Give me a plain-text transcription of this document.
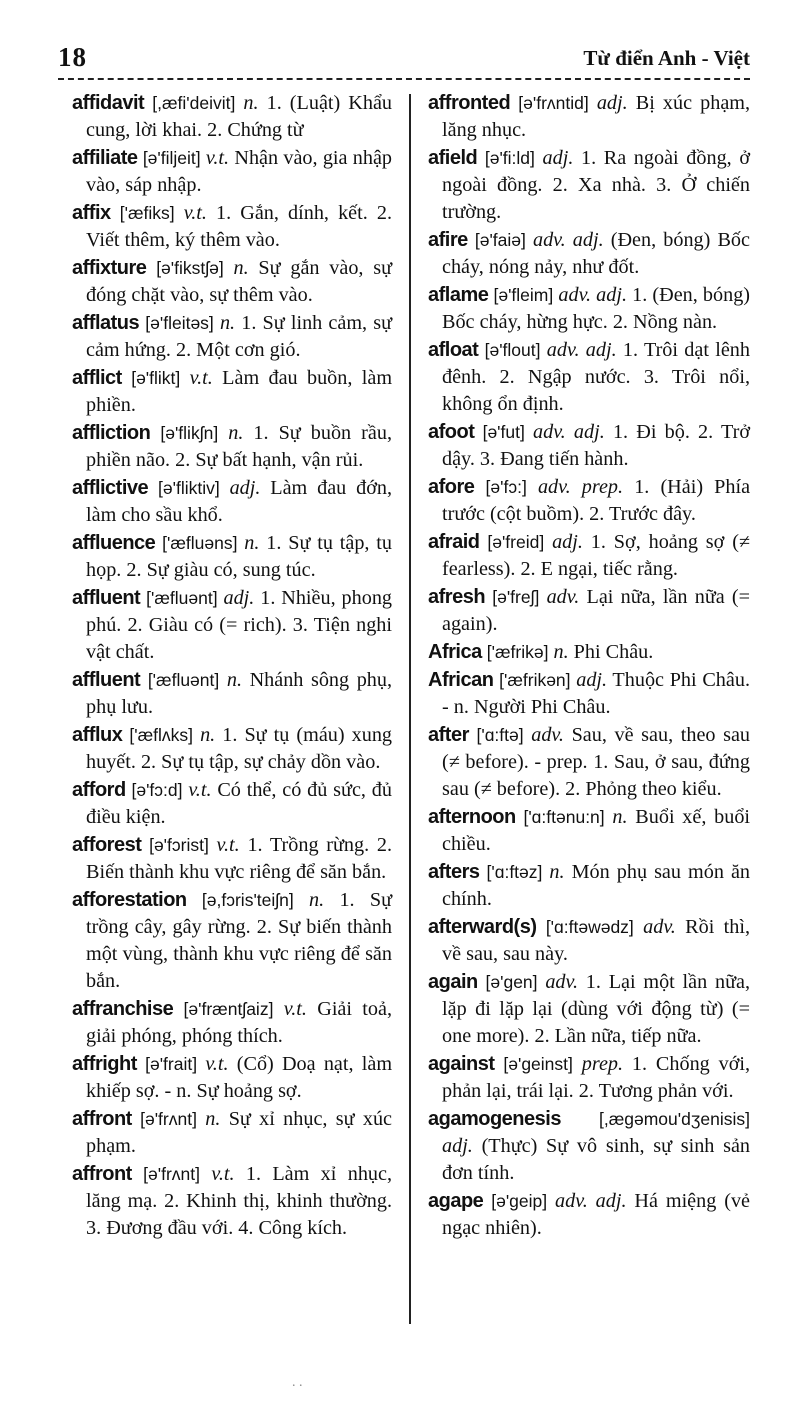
18	Từ điển Anh - Việt

affidavit [,æfi'deivit] n. 1. (Luật) Khẩu cung, lời khai. 2. Chứng từ

affiliate [ə'filjeit] v.t. Nhận vào, gia nhập vào, sáp nhập.

affix ['æfiks] v.t. 1. Gắn, dính, kết. 2. Viết thêm, ký thêm vào.

affixture [ə'fikstʃə] n. Sự gắn vào, sự đóng chặt vào, sự thêm vào.

afflatus [ə'fleitəs] n. 1. Sự linh cảm, sự cảm hứng. 2. Một cơn gió.

afflict [ə'flikt] v.t. Làm đau buồn, làm phiền.

affliction [ə'flikʃn] n. 1. Sự buồn rầu, phiền não. 2. Sự bất hạnh, vận rủi.

afflictive [ə'fliktiv] adj. Làm đau đớn, làm cho sầu khổ.

affluence ['æfluəns] n. 1. Sự tụ tập, tụ họp. 2. Sự giàu có, sung túc.

affluent ['æfluənt] adj. 1. Nhiều, phong phú. 2. Giàu có (= rich). 3. Tiện nghi vật chất.

affluent ['æfluənt] n. Nhánh sông phụ, phụ lưu.

afflux ['æflʌks] n. 1. Sự tụ (máu) xung huyết. 2. Sự tụ tập, sự chảy dồn vào.

afford [ə'fɔ:d] v.t. Có thể, có đủ sức, đủ điều kiện.

afforest [ə'fɔrist] v.t. 1. Trồng rừng. 2. Biến thành khu vực riêng để săn bắn.

afforestation [ə,fɔris'teiʃn] n. 1. Sự trồng cây, gây rừng. 2. Sự biến thành một vùng, thành khu vực riêng để săn bắn.

affranchise [ə'fræntʃaiz] v.t. Giải toả, giải phóng, phóng thích.

affright [ə'frait] v.t. (Cổ) Doạ nạt, làm khiếp sợ. - n. Sự hoảng sợ.

affront [ə'frʌnt] n. Sự xỉ nhục, sự xúc phạm.

affront [ə'frʌnt] v.t. 1. Làm xỉ nhục, lăng mạ. 2. Khinh thị, khinh thường. 3. Đương đầu với. 4. Công kích.

affronted [ə'frʌntid] adj. Bị xúc phạm, lăng nhục.

afield [ə'fi:ld] adj. 1. Ra ngoài đồng, ở ngoài đồng. 2. Xa nhà. 3. Ở chiến trường.

afire [ə'faiə] adv. adj. (Đen, bóng) Bốc cháy, nóng nảy, như đốt.

aflame [ə'fleim] adv. adj. 1. (Đen, bóng) Bốc cháy, hừng hực. 2. Nồng nàn.

afloat [ə'flout] adv. adj. 1. Trôi dạt lênh đênh. 2. Ngập nước. 3. Trôi nổi, không ổn định.

afoot [ə'fut] adv. adj. 1. Đi bộ. 2. Trở dậy. 3. Đang tiến hành.

afore [ə'fɔ:] adv. prep. 1. (Hải) Phía trước (cột buồm). 2. Trước đây.

afraid [ə'freid] adj. 1. Sợ, hoảng sợ (≠ fearless). 2. E ngại, tiếc rằng.

afresh [ə'freʃ] adv. Lại nữa, lần nữa (= again).

Africa ['æfrikə] n. Phi Châu.

African ['æfrikən] adj. Thuộc Phi Châu. - n. Người Phi Châu.

after ['ɑ:ftə] adv. Sau, về sau, theo sau (≠ before). - prep. 1. Sau, ở sau, đứng sau (≠ before). 2. Phỏng theo kiểu.

afternoon ['ɑ:ftənu:n] n. Buổi xế, buổi chiều.

afters ['ɑ:ftəz] n. Món phụ sau món ăn chính.

afterward(s) ['ɑ:ftəwədz] adv. Rồi thì, về sau, sau này.

again [ə'gen] adv. 1. Lại một lần nữa, lặp đi lặp lại (dùng với động từ) (= one more). 2. Lần nữa, tiếp nữa.

against [ə'geinst] prep. 1. Chống với, phản lại, trái lại. 2. Tương phản với.

agamogenesis [,ægəmou'dʒenisis] adj. (Thực) Sự vô sinh, sự sinh sản đơn tính.

agape [ə'geip] adv. adj. Há miệng (vẻ ngạc nhiên).

. .
